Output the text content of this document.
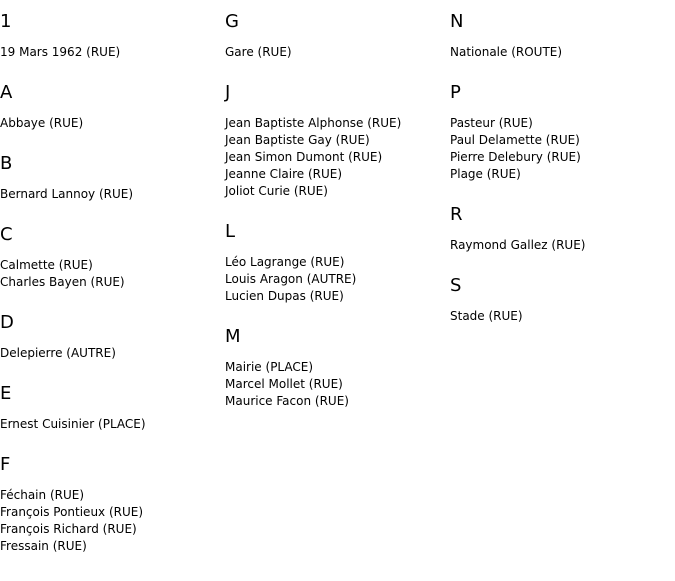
1
19 Mars 1962 (RUE)
A
Abbaye (RUE)
B
Bernard Lannoy (RUE)
C
Calmette (RUE)
Charles Bayen (RUE)
D
Delepierre (AUTRE)
E
Ernest Cuisinier (PLACE)
F
Féchain (RUE)
François Pontieux (RUE)
François Richard (RUE)
Fressain (RUE)
G
Gare (RUE)
J
Jean Baptiste Alphonse (RUE)
Jean Baptiste Gay (RUE)
Jean Simon Dumont (RUE)
Jeanne Claire (RUE)
Joliot Curie (RUE)
L
Léo Lagrange (RUE)
Louis Aragon (AUTRE)
Lucien Dupas (RUE)
M
Mairie (PLACE)
Marcel Mollet (RUE)
Maurice Facon (RUE)
N
Nationale (ROUTE)
P
Pasteur (RUE)
Paul Delamette (RUE)
Pierre Delebury (RUE)
Plage (RUE)
R
Raymond Gallez (RUE)
S
Stade (RUE)
